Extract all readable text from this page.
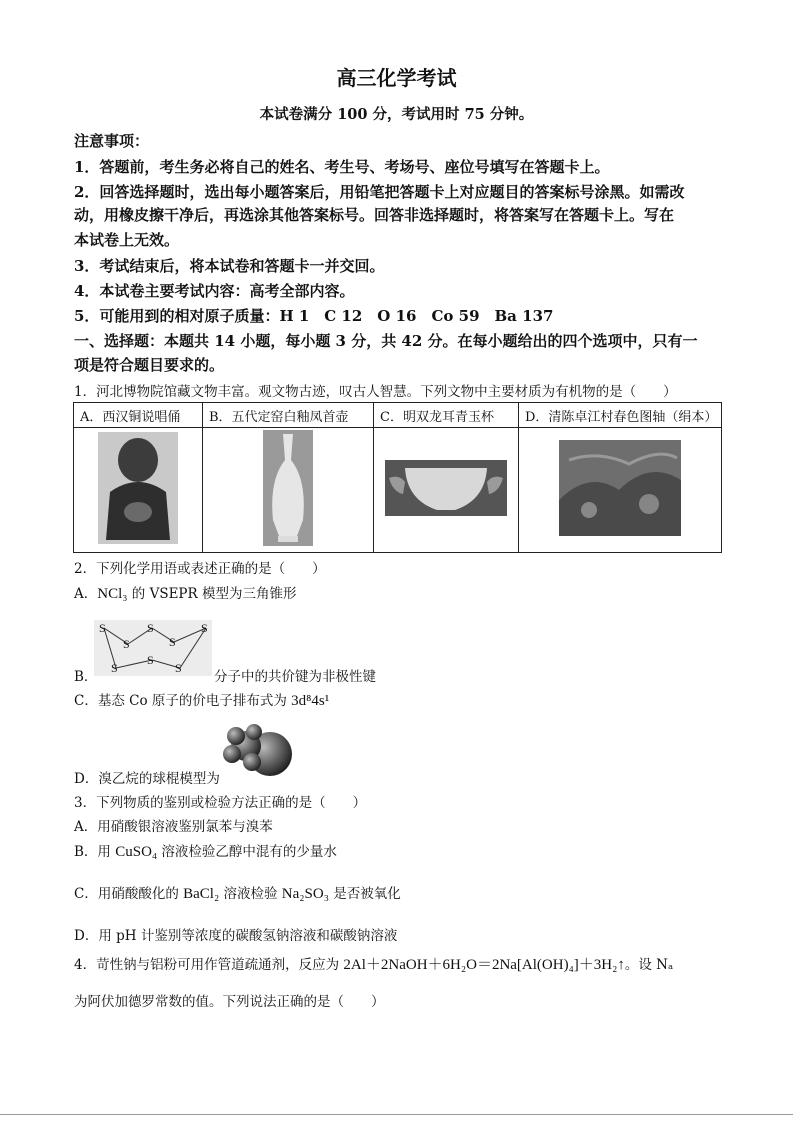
高三化学考试
本试卷满分 100 分，考试用时 75 分钟。
注意事项：
1．答题前，考生务必将自己的姓名、考生号、考场号、座位号填写在答题卡上。
2．回答选择题时，选出每小题答案后，用铅笔把答题卡上对应题目的答案标号涂黑。如需改
动，用橡皮擦干净后，再选涂其他答案标号。回答非选择题时，将答案写在答题卡上。写在
本试卷上无效。
3．考试结束后，将本试卷和答题卡一并交回。
4．本试卷主要考试内容：高考全部内容。
5．可能用到的相对原子质量：H 1　C 12　O 16　Co 59　Ba 137
一、选择题：本题共 14 小题，每小题 3 分，共 42 分。在每小题给出的四个选项中，只有一
项是符合题目要求的。
1．河北博物院馆藏文物丰富。观文物古迹，叹古人智慧。下列文物中主要材质为有机物的是（　　）
A．西汉铜说唱俑	B．五代定窑白釉凤首壶	C．明双龙耳青玉杯	D．清陈卓江村春色图轴（绢本）

2．下列化学用语或表述正确的是（　　）
A．NCl₃ 的 VSEPR 模型为三角锥形
S
S
S
S
S
S
S
S
B．	分子中的共价键为非极性键
C．基态 Co 原子的价电子排布式为 3d⁸4s¹
D．溴乙烷的球棍模型为
3．下列物质的鉴别或检验方法正确的是（　　）
A．用硝酸银溶液鉴别氯苯与溴苯
B．用 CuSO₄ 溶液检验乙醇中混有的少量水
C．用硝酸酸化的 BaCl₂ 溶液检验 Na₂SO₃ 是否被氧化
D．用 pH 计鉴别等浓度的碳酸氢钠溶液和碳酸钠溶液
4．苛性钠与铝粉可用作管道疏通剂，反应为 2Al＋2NaOH＋6H₂O＝2Na[Al(OH)₄]＋3H₂↑。设 Nₐ
为阿伏加德罗常数的值。下列说法正确的是（　　）
